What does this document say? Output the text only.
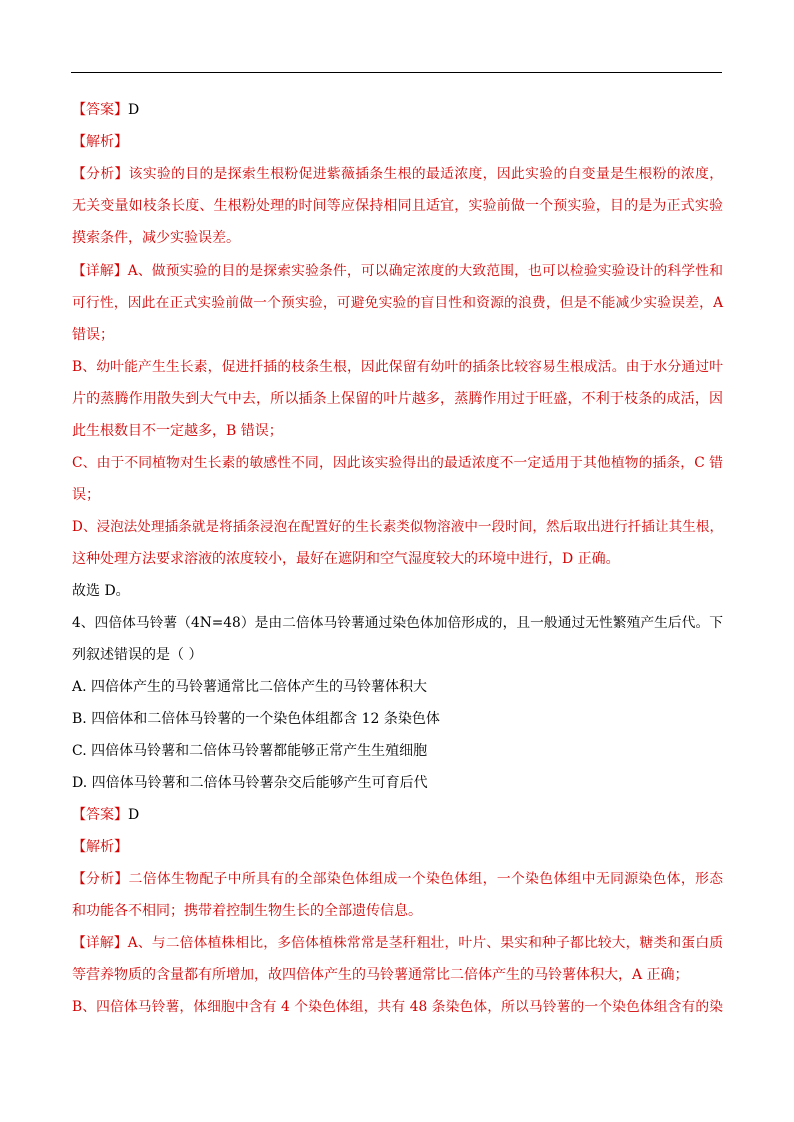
【答案】D
【解析】
【分析】该实验的目的是探索生根粉促进紫薇插条生根的最适浓度，因此实验的自变量是生根粉的浓度，
无关变量如枝条长度、生根粉处理的时间等应保持相同且适宜，实验前做一个预实验，目的是为正式实验
摸索条件，减少实验误差。
【详解】A、做预实验的目的是探索实验条件，可以确定浓度的大致范围，也可以检验实验设计的科学性和
可行性，因此在正式实验前做一个预实验，可避免实验的盲目性和资源的浪费，但是不能减少实验误差，A
错误；
B、幼叶能产生生长素，促进扦插的枝条生根，因此保留有幼叶的插条比较容易生根成活。由于水分通过叶
片的蒸腾作用散失到大气中去，所以插条上保留的叶片越多，蒸腾作用过于旺盛，不利于枝条的成活，因
此生根数目不一定越多，B 错误；
C、由于不同植物对生长素的敏感性不同，因此该实验得出的最适浓度不一定适用于其他植物的插条，C 错
误；
D、浸泡法处理插条就是将插条浸泡在配置好的生长素类似物溶液中一段时间，然后取出进行扦插让其生根，
这种处理方法要求溶液的浓度较小，最好在遮阴和空气湿度较大的环境中进行，D 正确。
故选 D。
4、四倍体马铃薯（4N=48）是由二倍体马铃薯通过染色体加倍形成的，且一般通过无性繁殖产生后代。下
列叙述错误的是（ ）
A. 四倍体产生的马铃薯通常比二倍体产生的马铃薯体积大
B. 四倍体和二倍体马铃薯的一个染色体组都含 12 条染色体
C. 四倍体马铃薯和二倍体马铃薯都能够正常产生生殖细胞
D. 四倍体马铃薯和二倍体马铃薯杂交后能够产生可育后代
【答案】D
【解析】
【分析】二倍体生物配子中所具有的全部染色体组成一个染色体组，一个染色体组中无同源染色体，形态
和功能各不相同；携带着控制生物生长的全部遗传信息。
【详解】A、与二倍体植株相比，多倍体植株常常是茎秆粗壮，叶片、果实和种子都比较大，糖类和蛋白质
等营养物质的含量都有所增加，故四倍体产生的马铃薯通常比二倍体产生的马铃薯体积大，A 正确；
B、四倍体马铃薯，体细胞中含有 4 个染色体组，共有 48 条染色体，所以马铃薯的一个染色体组含有的染
